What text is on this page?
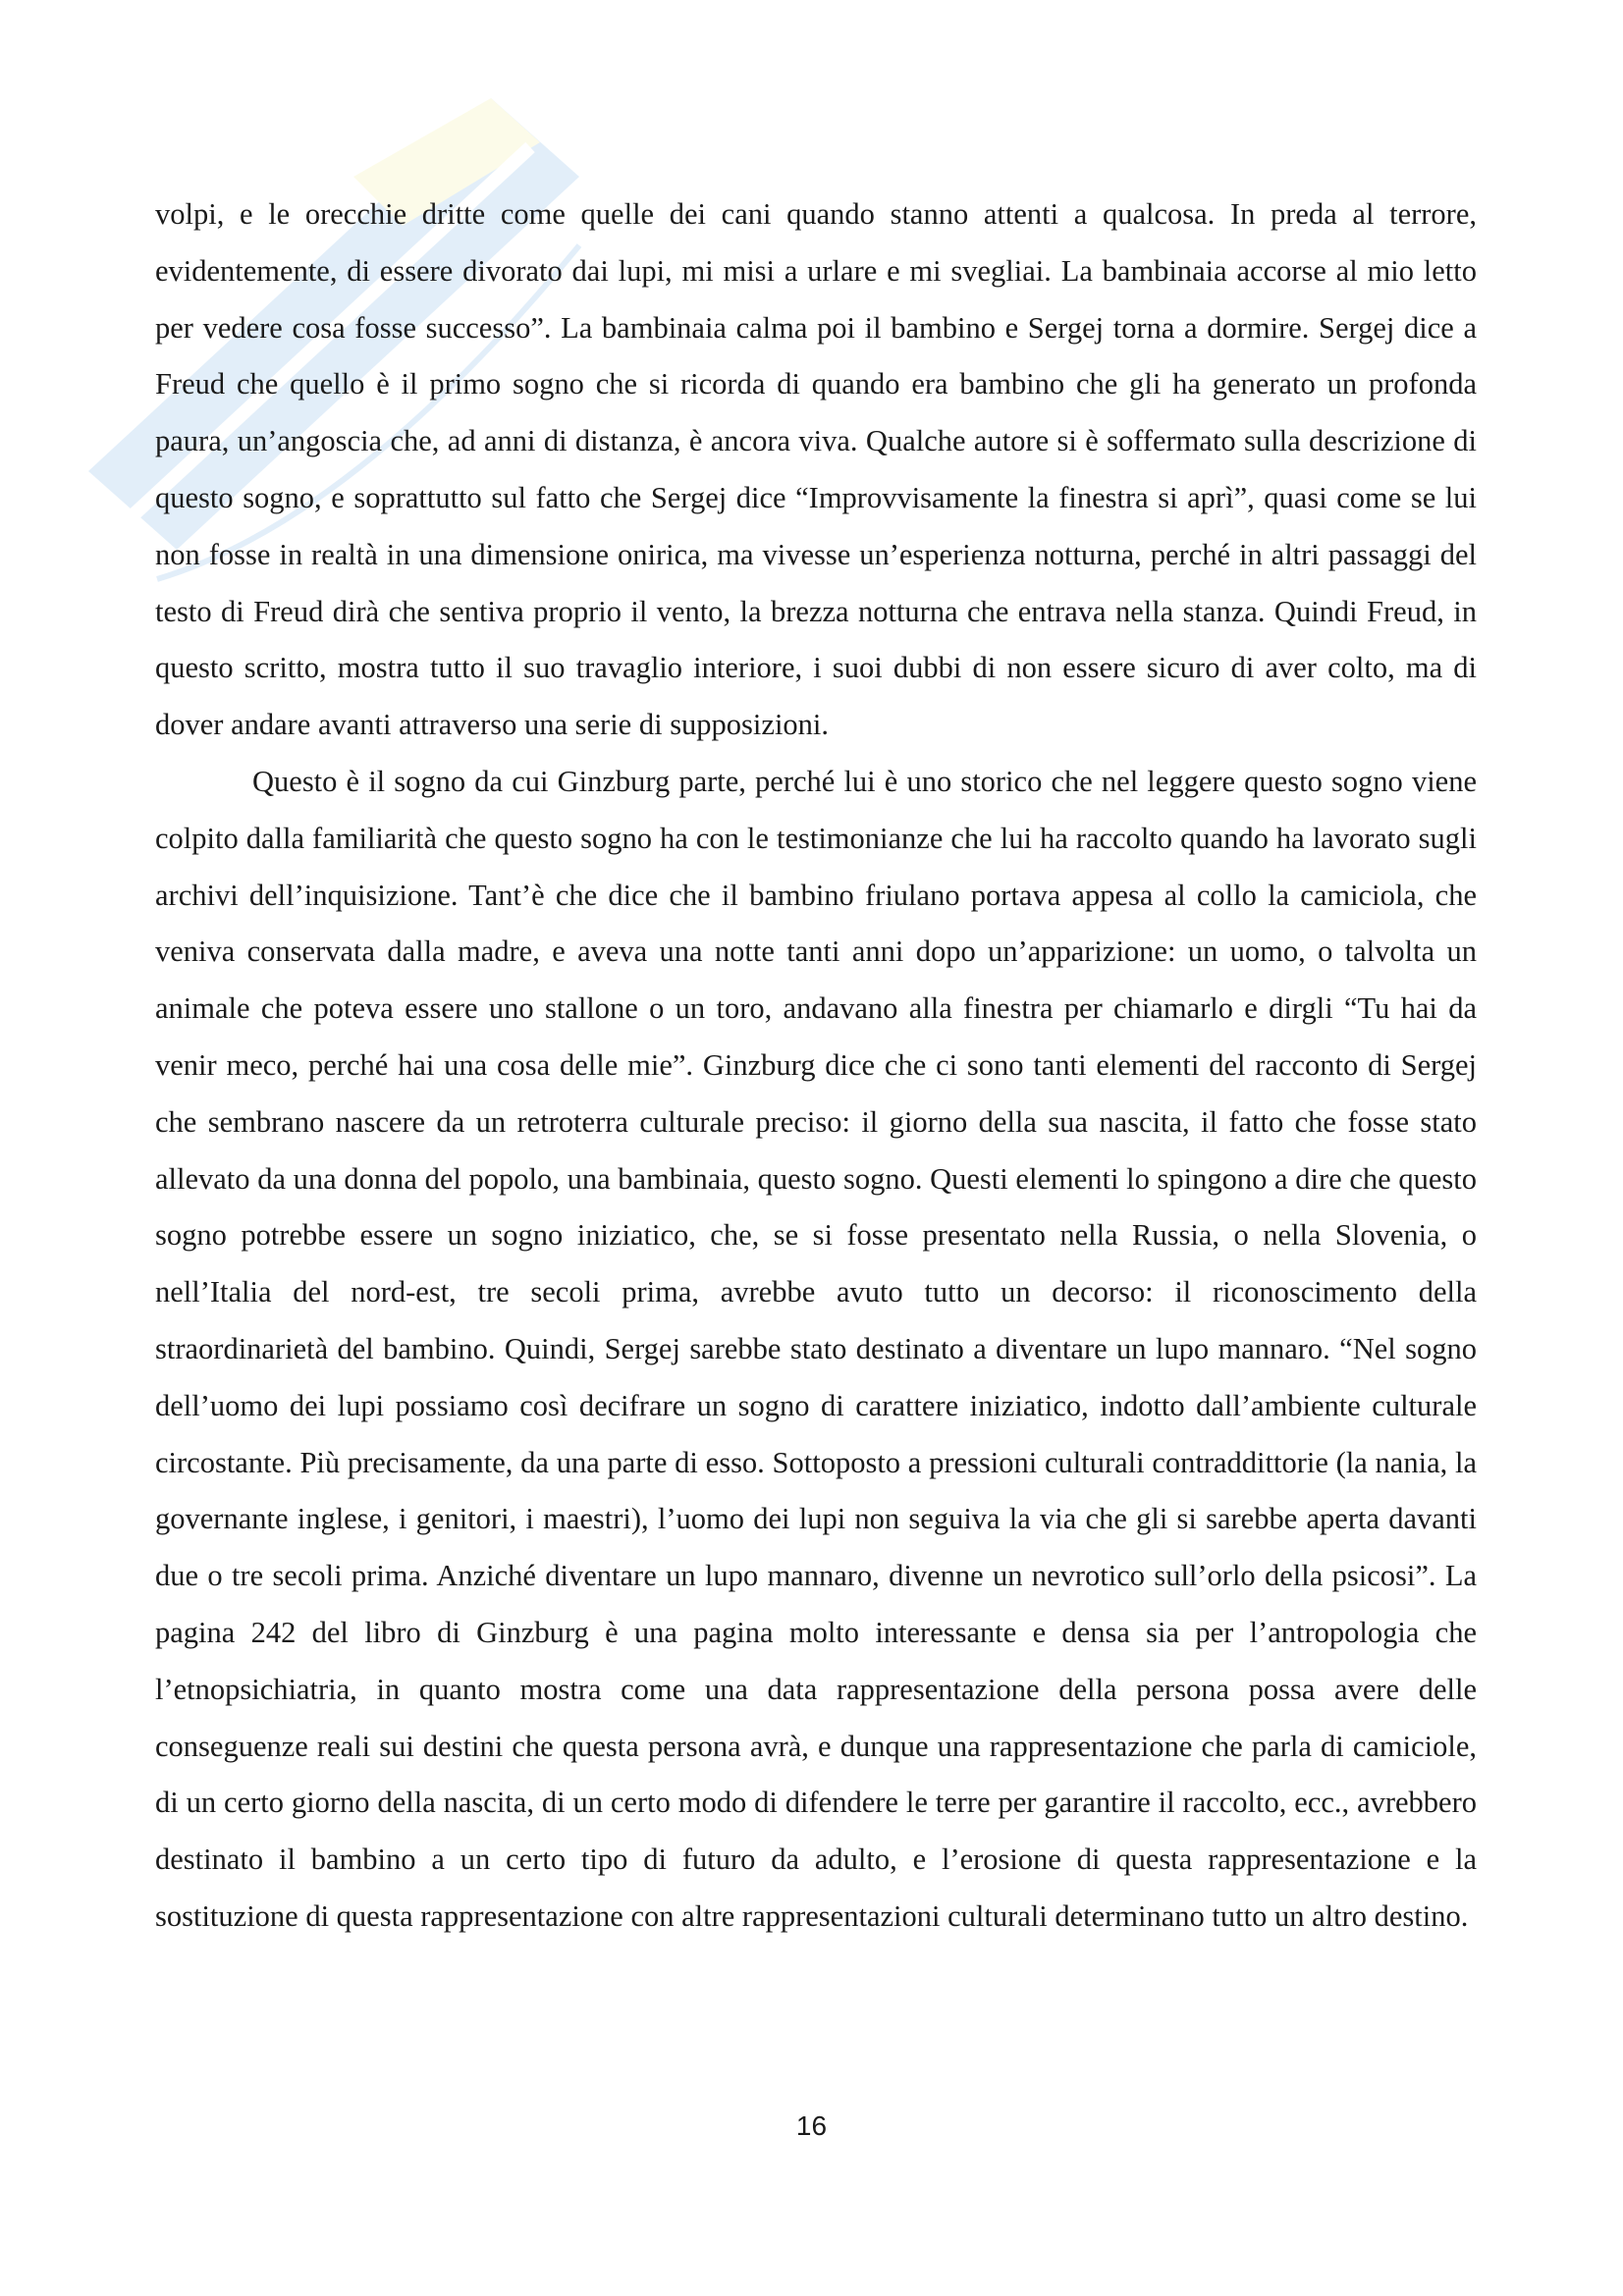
volpi, e le orecchie dritte come quelle dei cani quando stanno attenti a qualcosa. In preda al terrore, evidentemente, di essere divorato dai lupi, mi misi a urlare e mi svegliai. La bambinaia accorse al mio letto per vedere cosa fosse successo”. La bambinaia calma poi il bambino e Sergej torna a dormire. Sergej dice a Freud che quello è il primo sogno che si ricorda di quando era bambino che gli ha generato un profonda paura, un’angoscia che, ad anni di distanza, è ancora viva. Qualche autore si è soffermato sulla descrizione di questo sogno, e soprattutto sul fatto che Sergej dice “Improvvisamente la finestra si aprì”, quasi come se lui non fosse in realtà in una dimensione onirica, ma vivesse un’esperienza notturna, perché in altri passaggi del testo di Freud dirà che sentiva proprio il vento, la brezza notturna che entrava nella stanza. Quindi Freud, in questo scritto, mostra tutto il suo travaglio interiore, i suoi dubbi di non essere sicuro di aver colto, ma di dover andare avanti attraverso una serie di supposizioni.

Questo è il sogno da cui Ginzburg parte, perché lui è uno storico che nel leggere questo sogno viene colpito dalla familiarità che questo sogno ha con le testimonianze che lui ha raccolto quando ha lavorato sugli archivi dell’inquisizione. Tant’è che dice che il bambino friulano portava appesa al collo la camiciola, che veniva conservata dalla madre, e aveva una notte tanti anni dopo un’apparizione: un uomo, o talvolta un animale che poteva essere uno stallone o un toro, andavano alla finestra per chiamarlo e dirgli “Tu hai da venir meco, perché hai una cosa delle mie”. Ginzburg dice che ci sono tanti elementi del racconto di Sergej che sembrano nascere da un retroterra culturale preciso: il giorno della sua nascita, il fatto che fosse stato allevato da una donna del popolo, una bambinaia, questo sogno. Questi elementi lo spingono a dire che questo sogno potrebbe essere un sogno iniziatico, che, se si fosse presentato nella Russia, o nella Slovenia, o nell’Italia del nord-est, tre secoli prima, avrebbe avuto tutto un decorso: il riconoscimento della straordinarietà del bambino. Quindi, Sergej sarebbe stato destinato a diventare un lupo mannaro. “Nel sogno dell’uomo dei lupi possiamo così decifrare un sogno di carattere iniziatico, indotto dall’ambiente culturale circostante. Più precisamente, da una parte di esso. Sottoposto a pressioni culturali contraddittorie (la nania, la governante inglese, i genitori, i maestri), l’uomo dei lupi non seguiva la via che gli si sarebbe aperta davanti due o tre secoli prima. Anziché diventare un lupo mannaro, divenne un nevrotico sull’orlo della psicosi”. La pagina 242 del libro di Ginzburg è una pagina molto interessante e densa sia per l’antropologia che l’etnopsichiatria, in quanto mostra come una data rappresentazione della persona possa avere delle conseguenze reali sui destini che questa persona avrà, e dunque una rappresentazione che parla di camiciole, di un certo giorno della nascita, di un certo modo di difendere le terre per garantire il raccolto, ecc., avrebbero destinato il bambino a un certo tipo di futuro da adulto, e l’erosione di questa rappresentazione e la sostituzione di questa rappresentazione con altre rappresentazioni culturali determinano tutto un altro destino.

16
